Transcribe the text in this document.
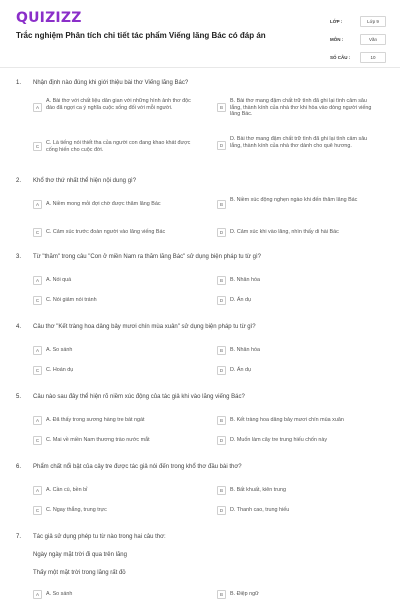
QUIZIZZ
Trắc nghiệm Phân tích chi tiết tác phẩm Viếng lăng Bác có đáp án
LỚP :	Lớp 9
MÔN :	Văn
SỐ CÂU :	10
1. Nhận định nào đúng khi giới thiệu bài thơ Viếng lăng Bác?
A
A. Bài thơ với chất liệu dân gian với những hình ảnh thơ độc đáo đã ngợi ca ý nghĩa cuộc sống đối với mỗi người.	B
B. Bài thơ mang đậm chất trữ tình đã ghi lại tình cảm sâu lắng, thành kính của nhà thơ khi hòa vào dòng người viếng lăng Bác.
C
C. Là tiếng nói thiết tha của người con đang khao khát được cống hiến cho cuộc đời.
D
D. Bài thơ mang đậm chất trữ tình đã ghi lại tình cảm sâu lắng, thành kính của nhà thơ dành cho quê hương.
2. Khổ thơ thứ nhất thể hiện nội dung gì?
A	A. Niềm mong mỏi đợi chờ được thăm lăng Bác	B
B. Niềm xúc động nghẹn ngào khi đến thăm lăng Bác
C	C. Cảm xúc trước đoàn người vào lăng viếng Bác	D	D. Cảm xúc khi vào lăng, nhìn thấy di hài Bác
3. Từ "thăm" trong câu "Con ở miền Nam ra thăm lăng Bác" sử dụng biện pháp tu từ gì?
A	A. Nói quá	B	B. Nhân hóa
C	C. Nói giảm nói tránh	D	D. Ẩn dụ
4. Câu thơ "Kết tràng hoa dâng bảy mươi chín mùa xuân" sử dụng biện pháp tu từ gì?
A	A. So sánh	B	B. Nhân hóa
C	C. Hoán dụ	D	D. Ẩn dụ
5. Câu nào sau đây thể hiện rõ niềm xúc động của tác giả khi vào lăng viếng Bác?
A	A. Đã thấy trong sương hàng tre bát ngát	B	B. Kết tràng hoa dâng bảy mươi chín mùa xuân
C	C. Mai về miền Nam thương trào nước mắt	D	D. Muốn làm cây tre trung hiếu chốn này
6. Phẩm chất nổi bật của cây tre được tác giả nói đến trong khổ thơ đầu bài thơ?
A	A. Cần cù, bền bỉ	B	B. Bất khuất, kiên trung
C	C. Ngay thẳng, trung trực	D	D. Thanh cao, trung hiếu
7. Tác giả sử dụng phép tu từ nào trong hai câu thơ:
Ngày ngày mặt trời đi qua trên lăng
Thấy một mặt trời trong lăng rất đỏ
A	A. So sánh	B	B. Điệp ngữ
